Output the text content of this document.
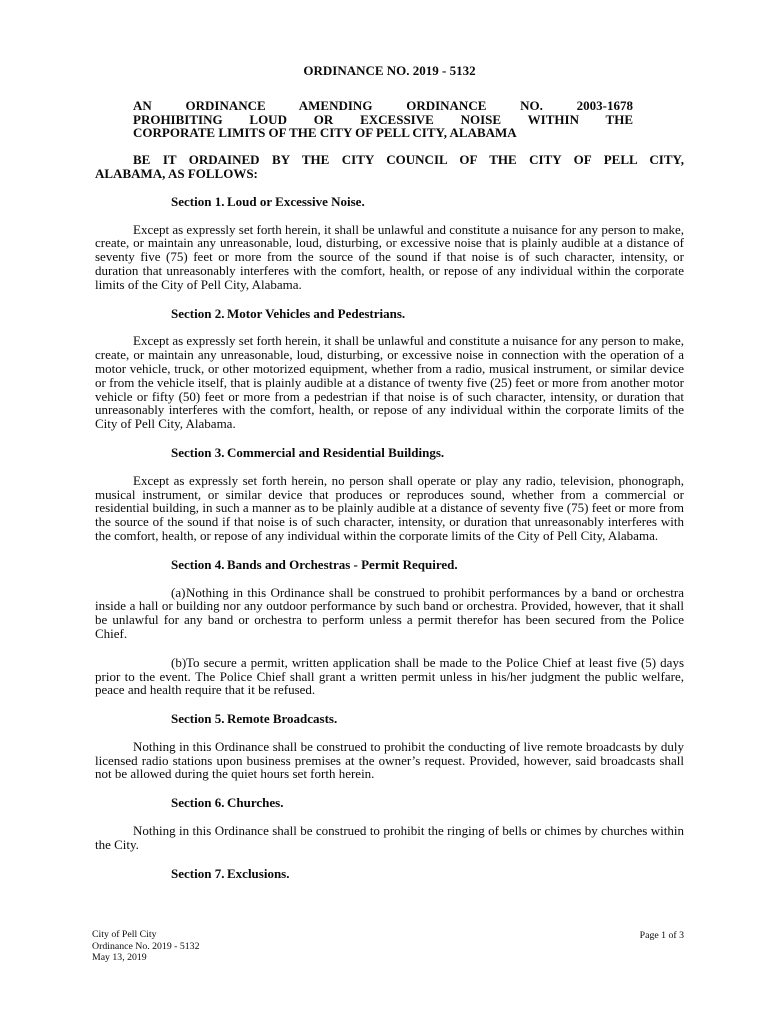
ORDINANCE NO. 2019 - 5132
AN ORDINANCE AMENDING ORDINANCE NO. 2003-1678
PROHIBITING LOUD OR EXCESSIVE NOISE WITHIN THE
CORPORATE LIMITS OF THE CITY OF PELL CITY, ALABAMA
BE IT ORDAINED BY THE CITY COUNCIL OF THE CITY OF PELL CITY,
ALABAMA, AS FOLLOWS:
Section 1. Loud or Excessive Noise.

Except as expressly set forth herein, it shall be unlawful and constitute a nuisance for any person to make, create, or maintain any unreasonable, loud, disturbing, or excessive noise that is plainly audible at a distance of seventy five (75) feet or more from the source of the sound if that noise is of such character, intensity, or duration that unreasonably interferes with the comfort, health, or repose of any individual within the corporate limits of the City of Pell City, Alabama.

Section 2. Motor Vehicles and Pedestrians.

Except as expressly set forth herein, it shall be unlawful and constitute a nuisance for any person to make, create, or maintain any unreasonable, loud, disturbing, or excessive noise in connection with the operation of a motor vehicle, truck, or other motorized equipment, whether from a radio, musical instrument, or similar device or from the vehicle itself, that is plainly audible at a distance of twenty five (25) feet or more from another motor vehicle or fifty (50) feet or more from a pedestrian if that noise is of such character, intensity, or duration that unreasonably interferes with the comfort, health, or repose of any individual within the corporate limits of the City of Pell City, Alabama.

Section 3. Commercial and Residential Buildings.

Except as expressly set forth herein, no person shall operate or play any radio, television, phonograph, musical instrument, or similar device that produces or reproduces sound, whether from a commercial or residential building, in such a manner as to be plainly audible at a distance of seventy five (75) feet or more from the source of the sound if that noise is of such character, intensity, or duration that unreasonably interferes with the comfort, health, or repose of any individual within the corporate limits of the City of Pell City, Alabama.

Section 4. Bands and Orchestras - Permit Required.

(a)Nothing in this Ordinance shall be construed to prohibit performances by a band or orchestra inside a hall or building nor any outdoor performance by such band or orchestra. Provided, however, that it shall be unlawful for any band or orchestra to perform unless a permit therefor has been secured from the Police Chief.

(b)To secure a permit, written application shall be made to the Police Chief at least five (5) days prior to the event. The Police Chief shall grant a written permit unless in his/her judgment the public welfare, peace and health require that it be refused.

Section 5. Remote Broadcasts.

Nothing in this Ordinance shall be construed to prohibit the conducting of live remote broadcasts by duly licensed radio stations upon business premises at the owner’s request. Provided, however, said broadcasts shall not be allowed during the quiet hours set forth herein.

Section 6. Churches.

Nothing in this Ordinance shall be construed to prohibit the ringing of bells or chimes by churches within the City.

Section 7. Exclusions.
City of Pell City
Ordinance No. 2019 - 5132
May 13, 2019
Page 1 of 3
